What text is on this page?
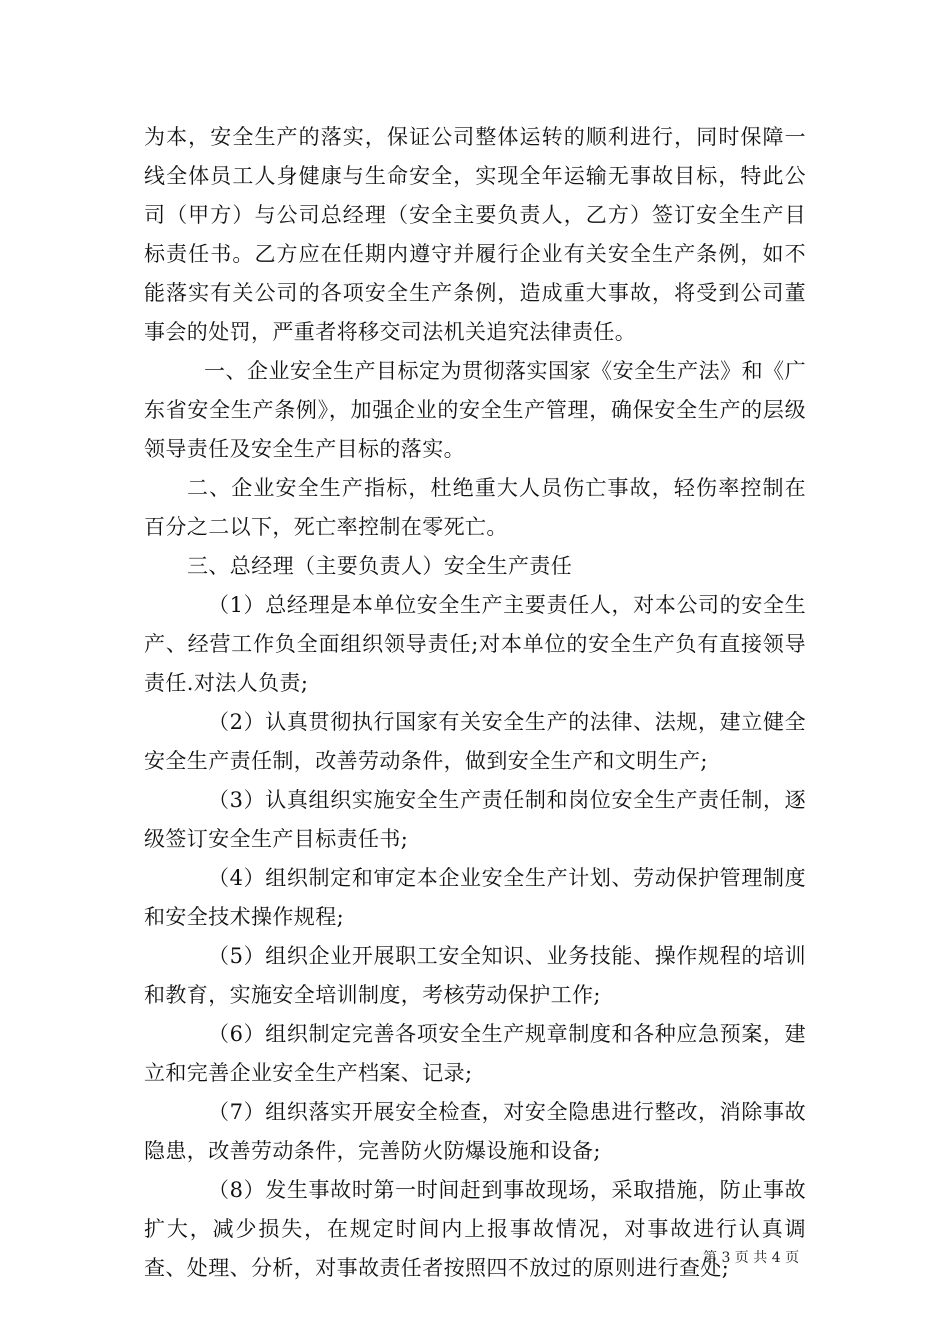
为本，安全生产的落实，保证公司整体运转的顺利进行，同时保障一线全体员工人身健康与生命安全，实现全年运输无事故目标，特此公司（甲方）与公司总经理（安全主要负责人，乙方）签订安全生产目标责任书。乙方应在任期内遵守并履行企业有关安全生产条例，如不能落实有关公司的各项安全生产条例，造成重大事故，将受到公司董事会的处罚，严重者将移交司法机关追究法律责任。

一、企业安全生产目标定为贯彻落实国家《安全生产法》和《广东省安全生产条例》，加强企业的安全生产管理，确保安全生产的层级领导责任及安全生产目标的落实。

二、企业安全生产指标，杜绝重大人员伤亡事故，轻伤率控制在百分之二以下，死亡率控制在零死亡。

三、总经理（主要负责人）安全生产责任

（1）总经理是本单位安全生产主要责任人，对本公司的安全生产、经营工作负全面组织领导责任;对本单位的安全生产负有直接领导责任.对法人负责;

（2）认真贯彻执行国家有关安全生产的法律、法规，建立健全安全生产责任制，改善劳动条件，做到安全生产和文明生产;

（3）认真组织实施安全生产责任制和岗位安全生产责任制，逐级签订安全生产目标责任书;

（4）组织制定和审定本企业安全生产计划、劳动保护管理制度和安全技术操作规程;

（5）组织企业开展职工安全知识、业务技能、操作规程的培训和教育，实施安全培训制度，考核劳动保护工作;

（6）组织制定完善各项安全生产规章制度和各种应急预案，建立和完善企业安全生产档案、记录;

（7）组织落实开展安全检查，对安全隐患进行整改，消除事故隐患，改善劳动条件，完善防火防爆设施和设备;

（8）发生事故时第一时间赶到事故现场，采取措施，防止事故扩大，减少损失，在规定时间内上报事故情况，对事故进行认真调查、处理、分析，对事故责任者按照四不放过的原则进行查处;

第 3 页 共 4 页
